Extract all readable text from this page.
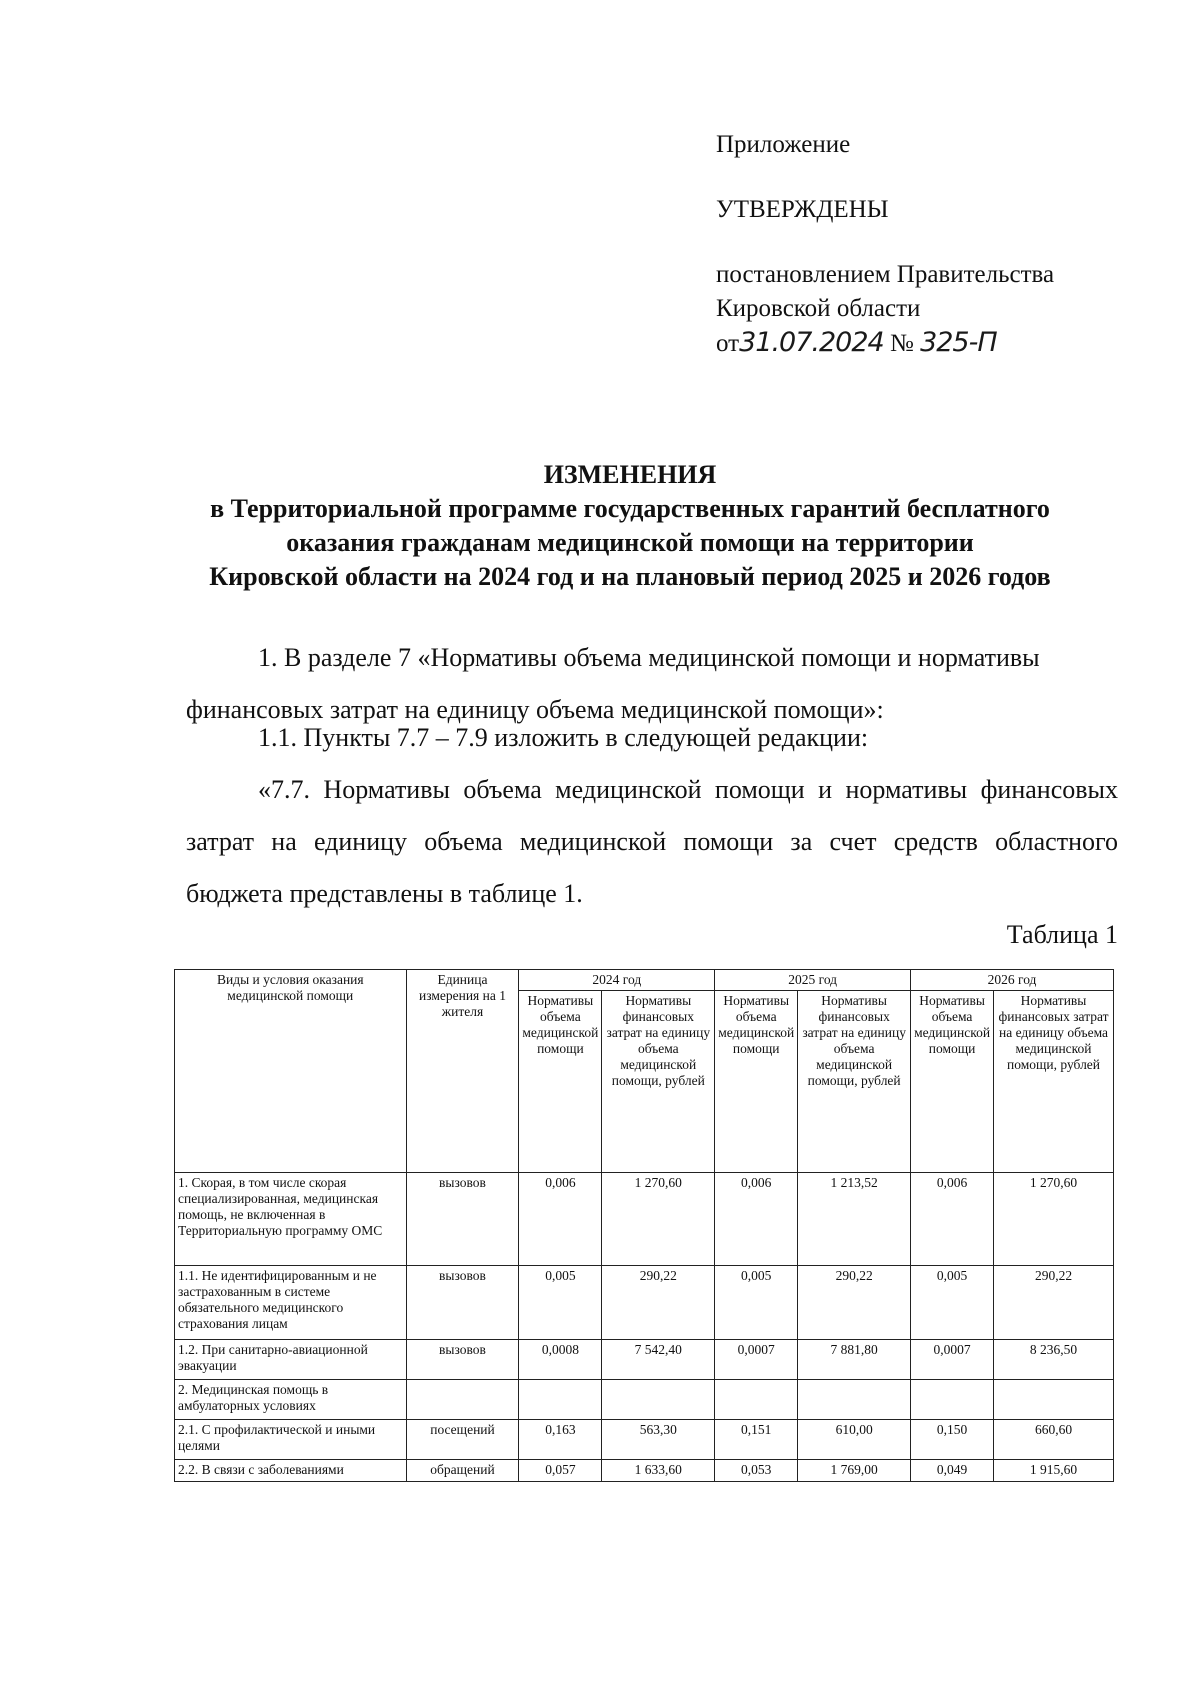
Приложение
УТВЕРЖДЕНЫ
постановлением Правительства
Кировской области
от31.07.2024 № 325-П
ИЗМЕНЕНИЯ
в Территориальной программе государственных гарантий бесплатного
оказания гражданам медицинской помощи на территории
Кировской области на 2024 год и на плановый период 2025 и 2026 годов
1. В разделе 7 «Нормативы объема медицинской помощи и нормативы финансовых затрат на единицу объема медицинской помощи»:
1.1. Пункты 7.7 – 7.9 изложить в следующей редакции:
«7.7. Нормативы объема медицинской помощи и нормативы финансовых затрат на единицу объема медицинской помощи за счет средств областного бюджета представлены в таблице 1.
Таблица 1
Виды и условия оказания медицинской помощи	Единица измерения на 1 жителя	2024 год		2025 год		2026 год	
		Нормативы объема медицинской помощи	Нормативы финансовых затрат на единицу объема медицинской помощи, рублей	Нормативы объема медицинской помощи	Нормативы финансовых затрат на единицу объема медицинской помощи, рублей	Нормативы объема медицинской помощи	Нормативы финансовых затрат на единицу объема медицинской помощи, рублей
1. Скорая, в том числе скорая специализированная, медицинская помощь, не включенная в Территориальную программу ОМС	вызовов	0,006	1 270,60	0,006	1 213,52	0,006	1 270,60
1.1. Не идентифицированным и не застрахованным в системе обязательного медицинского страхования лицам	вызовов	0,005	290,22	0,005	290,22	0,005	290,22
1.2. При санитарно-авиационной эвакуации	вызовов	0,0008	7 542,40	0,0007	7 881,80	0,0007	8 236,50
2. Медицинская помощь в амбулаторных условиях							
2.1. С профилактической и иными целями	посещений	0,163	563,30	0,151	610,00	0,150	660,60
2.2. В связи с заболеваниями	обращений	0,057	1 633,60	0,053	1 769,00	0,049	1 915,60
